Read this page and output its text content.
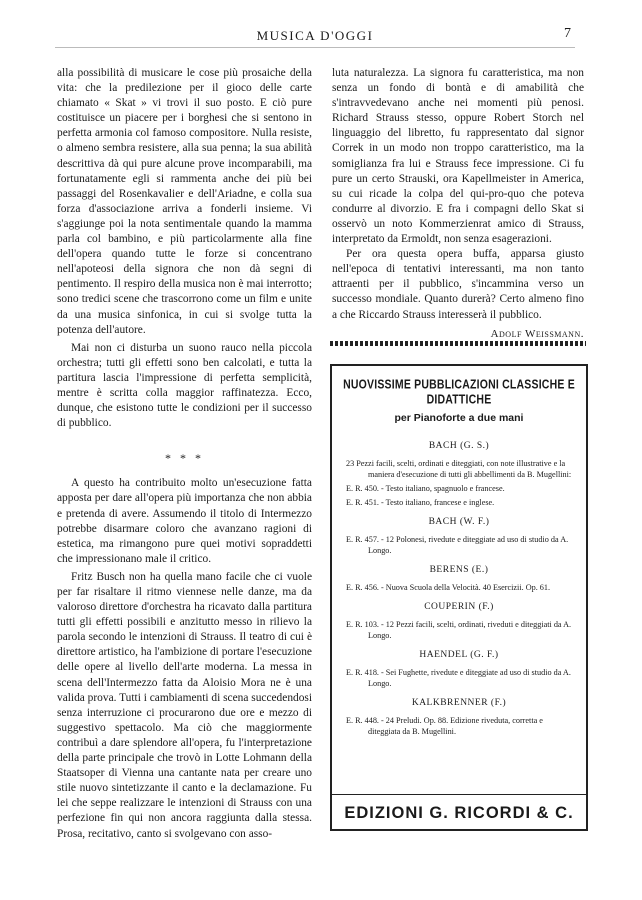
MUSICA D'OGGI	7

alla possibilità di musicare le cose più prosaiche della vita: che la predilezione per il gioco delle carte chiamato « Skat » vi trovi il suo posto. E ciò pure costituisce un piacere per i borghesi che si sentono in perfetta armonia col famoso compositore. Nulla resiste, o almeno sembra resistere, alla sua penna; la sua abilità descrittiva dà qui pure alcune prove incomparabili, ma fortunatamente egli si rammenta anche dei più bei passaggi del Rosenkavalier e dell'Ariadne, e colla sua forza d'associazione arriva a fonderli insieme. Vi s'aggiunge poi la nota sentimentale quando la mamma parla col bambino, e più particolarmente alla fine dell'opera quando tutte le forze si concentrano nell'apoteosi della signora che non dà segni di pentimento. Il respiro della musica non è mai interrotto; sono tredici scene che trascorrono come un film e unite da una musica sinfonica, in cui si svolge tutta la potenza dell'autore.

Mai non ci disturba un suono rauco nella piccola orchestra; tutti gli effetti sono ben calcolati, e tutta la partitura lascia l'impressione di perfetta semplicità, mentre è scritta colla maggior raffinatezza. Ecco, dunque, che esistono tutte le condizioni per il successo di pubblico.

* * *

A questo ha contribuito molto un'esecuzione fatta apposta per dare all'opera più importanza che non abbia e pretenda di avere. Assumendo il titolo di Intermezzo potrebbe disarmare coloro che avanzano ragioni di estetica, ma rimangono pure quei motivi sopraddetti che impressionano male il critico.

Fritz Busch non ha quella mano facile che ci vuole per far risaltare il ritmo viennese nelle danze, ma da valoroso direttore d'orchestra ha ricavato dalla partitura tutti gli effetti possibili e anzitutto messo in rilievo la parola secondo le intenzioni di Strauss. Il teatro di cui è direttore artistico, ha l'ambizione di portare l'esecuzione delle opere al livello dell'arte moderna. La messa in scena dell'Intermezzo fatta da Aloisio Mora ne è una valida prova. Tutti i cambiamenti di scena succedendosi senza interruzione ci procurarono due ore e mezzo di suggestivo spettacolo. Ma ciò che maggiormente contribuì a dare splendore all'opera, fu l'interpretazione della parte principale che trovò in Lotte Lohmann della Staatsoper di Vienna una cantante nata per creare uno stile nuovo sintetizzante il canto e la declamazione. Fu lei che seppe realizzare le intenzioni di Strauss con una perfezione fin qui non ancora raggiunta dalla stessa. Prosa, recitativo, canto si svolgevano con asso-

luta naturalezza. La signora fu caratteristica, ma non senza un fondo di bontà e di amabilità che s'intravvedevano anche nei momenti più penosi. Richard Strauss stesso, oppure Robert Storch nel linguaggio del libretto, fu rappresentato dal signor Correk in un modo non troppo caratteristico, ma la somiglianza fra lui e Strauss fece impressione. Ci fu pure un certo Strauski, ora Kapellmeister in America, su cui ricade la colpa del qui-pro-quo che poteva condurre al divorzio. E fra i compagni dello Skat si osservò un noto Kommerzienrat amico di Strauss, interpretato da Ermoldt, non senza esagerazioni.

Per ora questa opera buffa, apparsa giusto nell'epoca di tentativi interessanti, ma non tanto attraenti per il pubblico, s'incammina verso un successo mondiale. Quanto durerà? Certo almeno fino a che Riccardo Strauss interesserà il pubblico.

Adolf Weissmann.
NUOVISSIME PUBBLICAZIONI CLASSICHE E DIDATTICHE
per Pianoforte a due mani
BACH (G. S.)
23 Pezzi facili, scelti, ordinati e diteggiati, con note illustrative e la maniera d'esecuzione di tutti gli abbellimenti da B. Mugellini:
E. R. 450. - Testo italiano, spagnuolo e francese.
E. R. 451. - Testo italiano, francese e inglese.
BACH (W. F.)
E. R. 457. - 12 Polonesi, rivedute e diteggiate ad uso di studio da A. Longo.
BERENS (E.)
E. R. 456. - Nuova Scuola della Velocità. 40 Esercizii. Op. 61.
COUPERIN (F.)
E. R. 103. - 12 Pezzi facili, scelti, ordinati, riveduti e diteggiati da A. Longo.
HAENDEL (G. F.)
E. R. 418. - Sei Fughette, rivedute e diteggiate ad uso di studio da A. Longo.
KALKBRENNER (F.)
E. R. 448. - 24 Preludi. Op. 88. Edizione riveduta, corretta e diteggiata da B. Mugellini.
EDIZIONI G. RICORDI & C.
